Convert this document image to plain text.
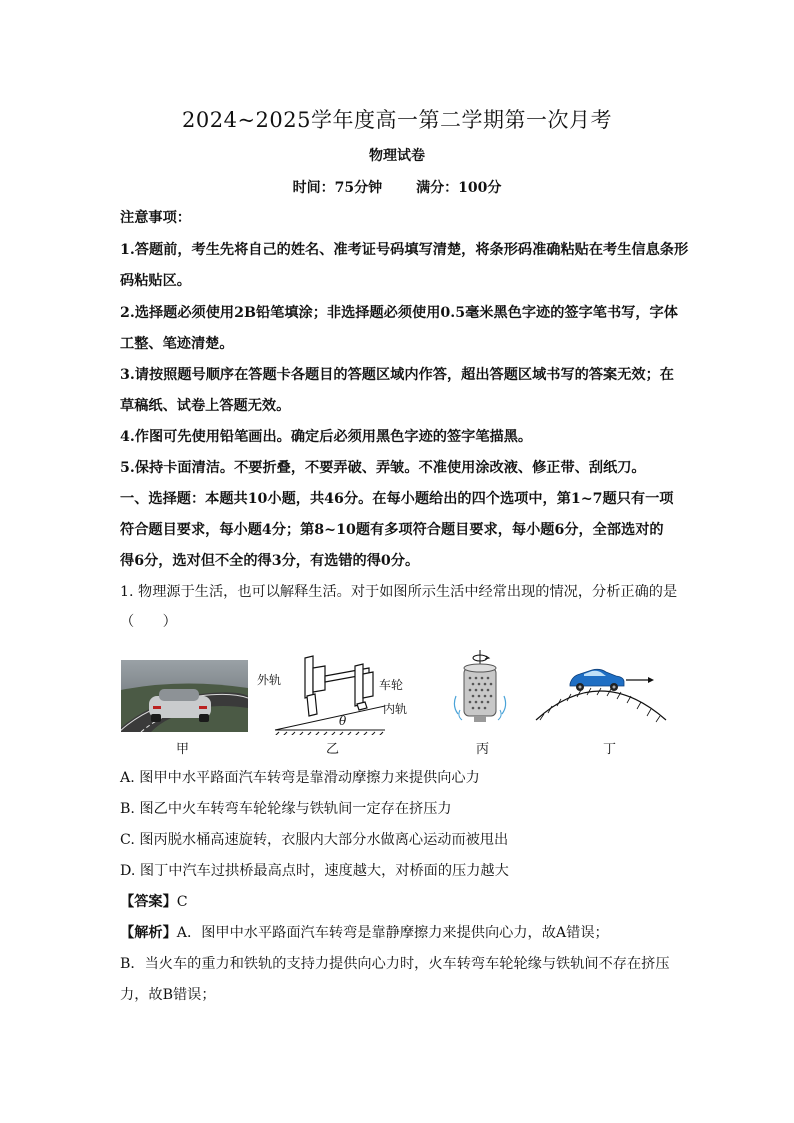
2024~2025学年度高一第二学期第一次月考
物理试卷
时间：75分钟 满分：100分
注意事项：
1.答题前，考生先将自己的姓名、准考证号码填写清楚，将条形码准确粘贴在考生信息条形
码粘贴区。
2.选择题必须使用2B铅笔填涂；非选择题必须使用0.5毫米黑色字迹的签字笔书写，字体
工整、笔迹清楚。
3.请按照题号顺序在答题卡各题目的答题区域内作答，超出答题区域书写的答案无效；在
草稿纸、试卷上答题无效。
4.作图可先使用铅笔画出。确定后必须用黑色字迹的签字笔描黑。
5.保持卡面清洁。不要折叠，不要弄破、弄皱。不准使用涂改液、修正带、刮纸刀。
一、选择题：本题共10小题，共46分。在每小题给出的四个选项中，第1~7题只有一项
符合题目要求，每小题4分；第8~10题有多项符合题目要求，每小题6分，全部选对的
得6分，选对但不全的得3分，有选错的得0分。
1. 物理源于生活，也可以解释生活。对于如图所示生活中经常出现的情况，分析正确的是
（　　）
甲
θ
外轨	车轮
内轨
乙	丙	丁
A. 图甲中水平路面汽车转弯是靠滑动摩擦力来提供向心力
B. 图乙中火车转弯车轮轮缘与铁轨间一定存在挤压力
C. 图丙脱水桶高速旋转，衣服内大部分水做离心运动而被甩出
D. 图丁中汽车过拱桥最高点时，速度越大，对桥面的压力越大
【答案】C
【解析】A．图甲中水平路面汽车转弯是靠静摩擦力来提供向心力，故A错误；
B．当火车的重力和铁轨的支持力提供向心力时，火车转弯车轮轮缘与铁轨间不存在挤压
力，故B错误；
